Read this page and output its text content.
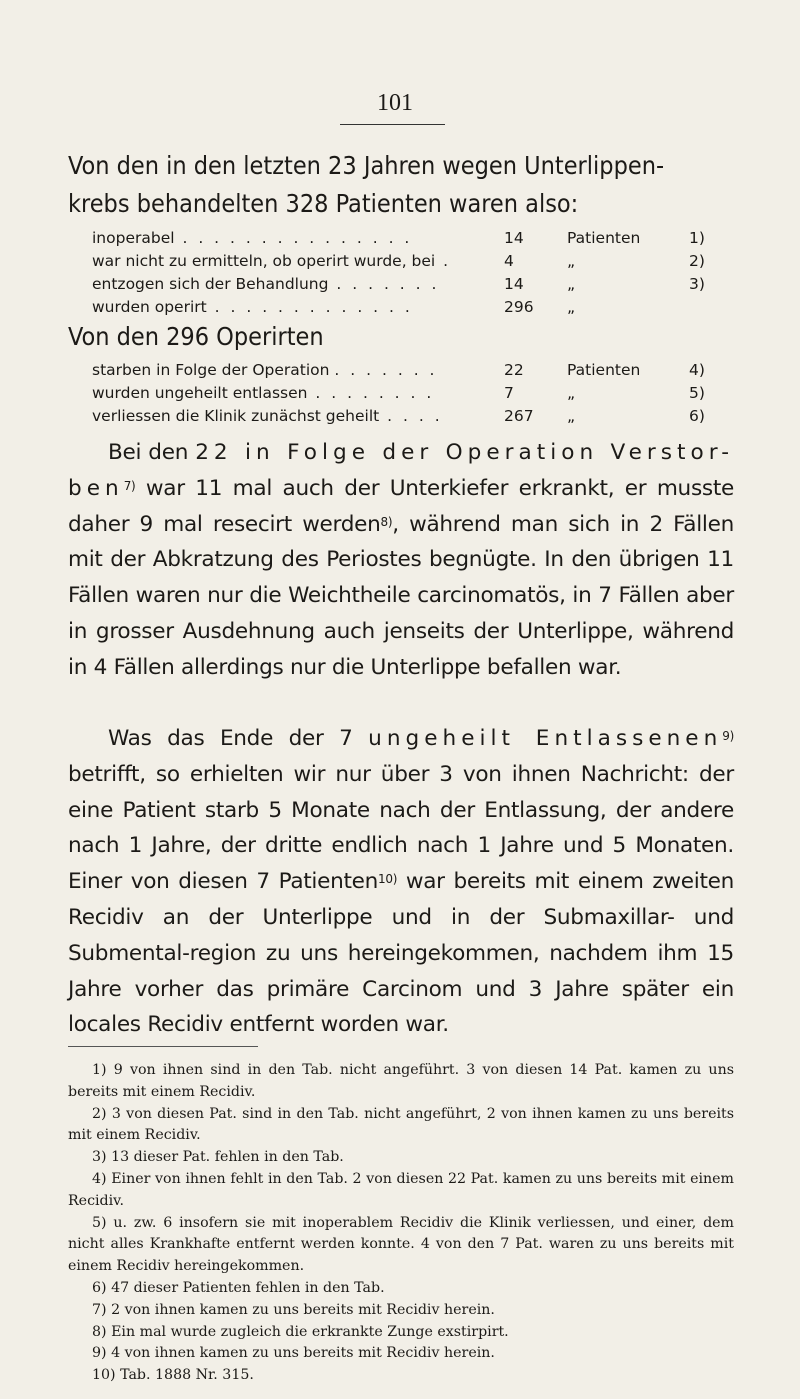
101
Von den in den letzten 23 Jahren wegen Unterlippen-
krebs behandelten 328 Patienten waren also:
inoperabel . . . . . . . . . . . . . . .	14	Patienten	1)
war nicht zu ermitteln, ob operirt wurde, bei .	4	„	2)
entzogen sich der Behandlung . . . . . . .	14	„	3)
wurden operirt . . . . . . . . . . . . .	296	„
Von den 296 Operirten
starben in Folge der Operation . . . . . . .	22	Patienten	4)
wurden ungeheilt entlassen . . . . . . . .	7	„	5)
verliessen die Klinik zunächst geheilt . . . .	267	„	6)

Bei den 22 in Folge der Operation Verstor-ben$^{7)}$ war 11 mal auch der Unterkiefer erkrankt, er musste daher 9 mal resecirt werden$^{8)}$, während man sich in 2 Fällen mit der Abkratzung des Periostes begnügte. In den übrigen 11 Fällen waren nur die Weichtheile carcinomatös, in 7 Fällen aber in grosser Ausdehnung auch jenseits der Unterlippe, während in 4 Fällen allerdings nur die Unterlippe befallen war.

Was das Ende der 7 ungeheilt Entlassenen$^{9)}$ betrifft, so erhielten wir nur über 3 von ihnen Nachricht: der eine Patient starb 5 Monate nach der Entlassung, der andere nach 1 Jahre, der dritte endlich nach 1 Jahre und 5 Monaten. Einer von diesen 7 Patienten$^{10)}$ war bereits mit einem zweiten Recidiv an der Unterlippe und in der Submaxillar- und Submental-region zu uns hereingekommen, nachdem ihm 15 Jahre vorher das primäre Carcinom und 3 Jahre später ein locales Recidiv entfernt worden war.

1) 9 von ihnen sind in den Tab. nicht angeführt. 3 von diesen 14 Pat. kamen zu uns bereits mit einem Recidiv.

2) 3 von diesen Pat. sind in den Tab. nicht angeführt, 2 von ihnen kamen zu uns bereits mit einem Recidiv.

3) 13 dieser Pat. fehlen in den Tab.

4) Einer von ihnen fehlt in den Tab. 2 von diesen 22 Pat. kamen zu uns bereits mit einem Recidiv.

5) u. zw. 6 insofern sie mit inoperablem Recidiv die Klinik verliessen, und einer, dem nicht alles Krankhafte entfernt werden konnte. 4 von den 7 Pat. waren zu uns bereits mit einem Recidiv hereingekommen.

6) 47 dieser Patienten fehlen in den Tab.

7) 2 von ihnen kamen zu uns bereits mit Recidiv herein.

8) Ein mal wurde zugleich die erkrankte Zunge exstirpirt.

9) 4 von ihnen kamen zu uns bereits mit Recidiv herein.

10) Tab. 1888 Nr. 315.
